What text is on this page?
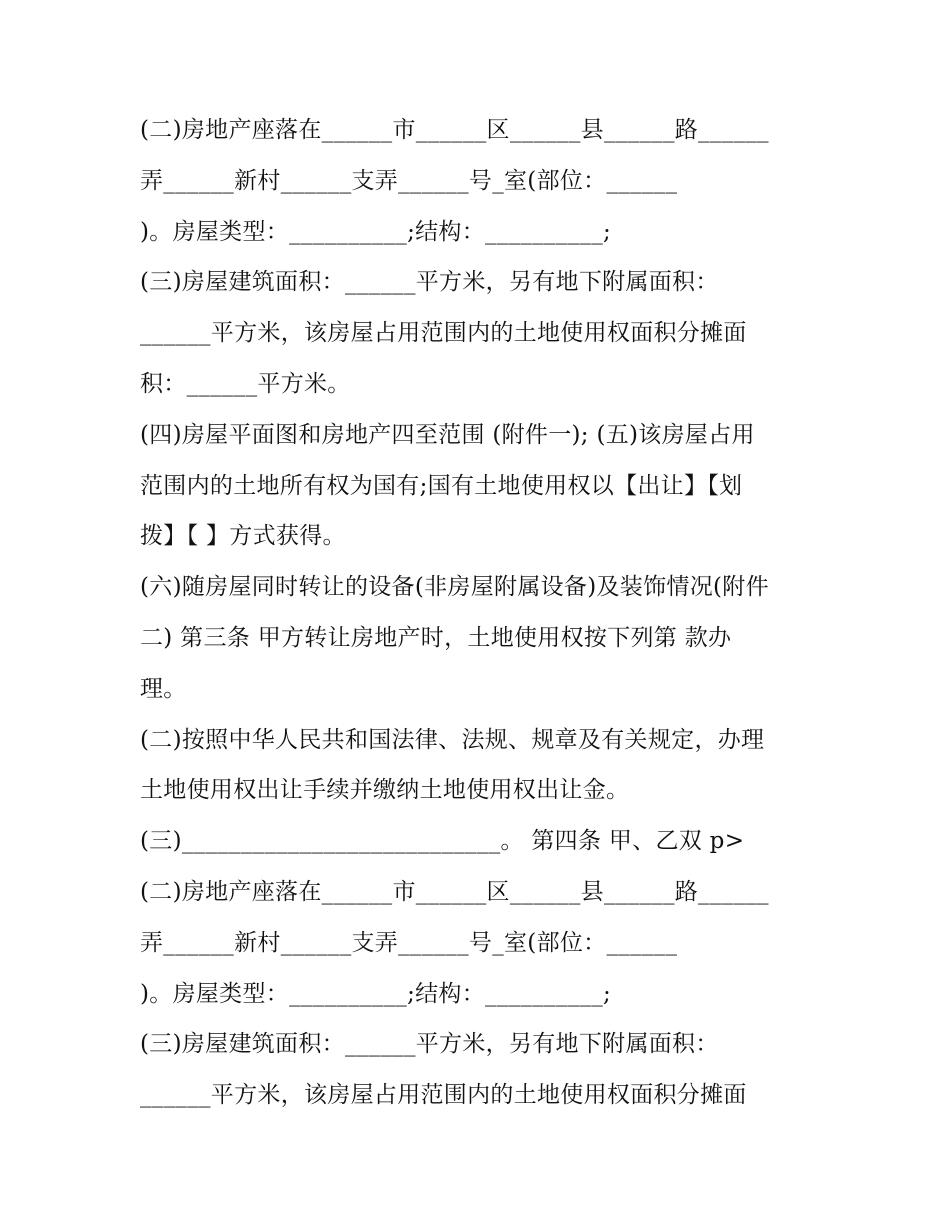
(二)房地产座落在______市______区______县______路______
弄______新村______支弄______号_室(部位：______
)。房屋类型：__________;结构：__________;
(三)房屋建筑面积：______平方米，另有地下附属面积：
______平方米，该房屋占用范围内的土地使用权面积分摊面
积：______平方米。
(四)房屋平面图和房地产四至范围 (附件一); (五)该房屋占用
范围内的土地所有权为国有;国有土地使用权以【出让】【划
拨】【 】方式获得。
(六)随房屋同时转让的设备(非房屋附属设备)及装饰情况(附件
二) 第三条 甲方转让房地产时，土地使用权按下列第 款办
理。
(二)按照中华人民共和国法律、法规、规章及有关规定，办理
土地使用权出让手续并缴纳土地使用权出让金。
(三)___________________________。 第四条 甲、乙双 p>
(二)房地产座落在______市______区______县______路______
弄______新村______支弄______号_室(部位：______
)。房屋类型：__________;结构：__________;
(三)房屋建筑面积：______平方米，另有地下附属面积：
______平方米，该房屋占用范围内的土地使用权面积分摊面
